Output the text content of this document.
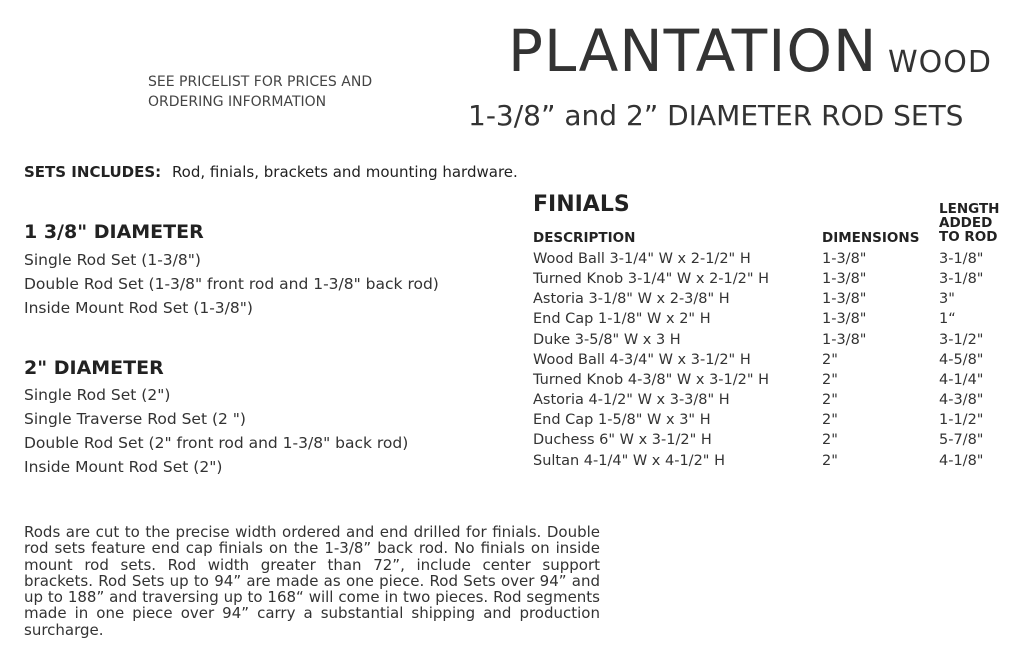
SEE PRICELIST FOR PRICES AND
ORDERING INFORMATION
PLANTATION WOOD
1-3/8” and 2” DIAMETER ROD SETS
SETS INCLUDES: Rod, finials, brackets and mounting hardware.
1 3/8" DIAMETER
Single Rod Set (1-3/8")
Double Rod Set (1-3/8" front rod and 1-3/8" back rod)
Inside Mount Rod Set (1-3/8")
2" DIAMETER
Single Rod Set (2")
Single Traverse Rod Set (2 ")
Double Rod Set (2" front rod and 1-3/8" back rod)
Inside Mount Rod Set (2")
FINIALS
DESCRIPTION	DIMENSIONS
LENGTH
ADDED
TO ROD
Wood Ball 3-1/4" W x 2-1/2" H	1-3/8"	3-1/8"
Turned Knob 3-1/4" W x 2-1/2" H	1-3/8"	3-1/8"
Astoria 3-1/8" W x 2-3/8" H	1-3/8"	3"
End Cap 1-1/8" W x 2" H	1-3/8"	1“
Duke 3-5/8" W x 3 H	1-3/8"	3-1/2"
Wood Ball 4-3/4" W x 3-1/2" H	2"	4-5/8"
Turned Knob 4-3/8" W x 3-1/2" H	2"	4-1/4"
Astoria 4-1/2" W x 3-3/8" H	2"	4-3/8"
End Cap 1-5/8" W x 3" H	2"	1-1/2"
Duchess 6" W x 3-1/2" H	2"	5-7/8"
Sultan 4-1/4" W x 4-1/2" H	2"	4-1/8"
Rods are cut to the precise width ordered and end drilled for finials. Double rod sets feature end cap finials on the 1-3/8” back rod. No finials on inside mount rod sets. Rod width greater than 72”, include center support brackets. Rod Sets up to 94” are made as one piece. Rod Sets over 94” and up to 188” and traversing up to 168“ will come in two pieces. Rod segments made in one piece over 94” carry a substantial shipping and production surcharge.
